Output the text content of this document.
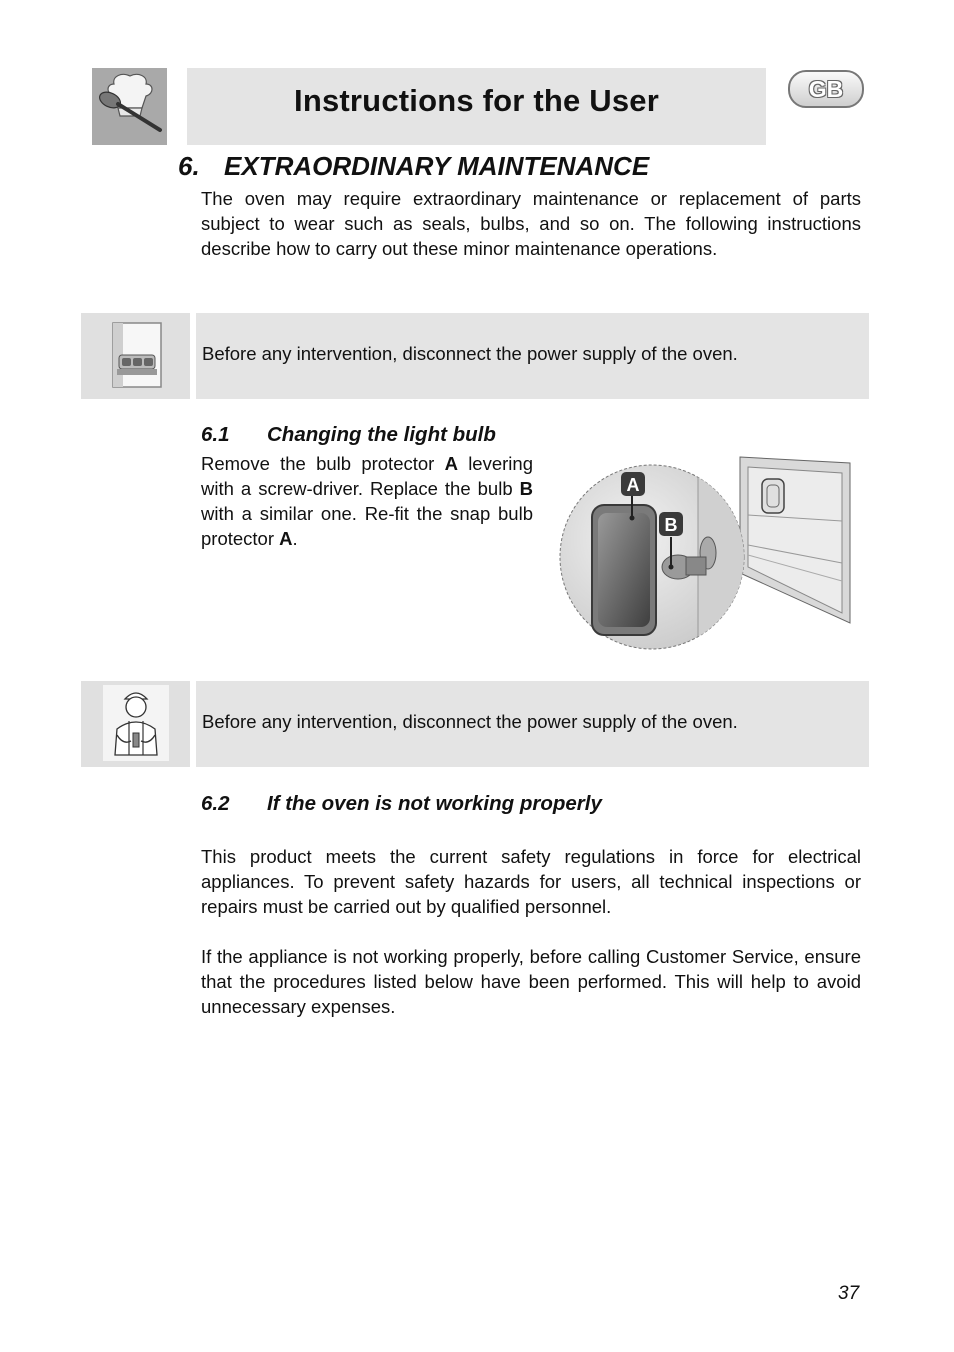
Instructions for the User	GB
6. EXTRAORDINARY MAINTENANCE
The oven may require extraordinary maintenance or replacement of parts subject to wear such as seals, bulbs, and so on. The following instructions describe how to carry out these minor maintenance operations.
Before any intervention, disconnect the power supply of the oven.
6.1 Changing the light bulb
Remove the bulb protector A levering with a screw-driver. Replace the bulb B with a similar one. Re-fit the snap bulb protector A.
A
B
Before any intervention, disconnect the power supply of the oven.
6.2 If the oven is not working properly
This product meets the current safety regulations in force for electrical appliances. To prevent safety hazards for users, all technical inspections or repairs must be carried out by qualified personnel.
If the appliance is not working properly, before calling Customer Service, ensure that the procedures listed below have been performed. This will help to avoid unnecessary expenses.
37
